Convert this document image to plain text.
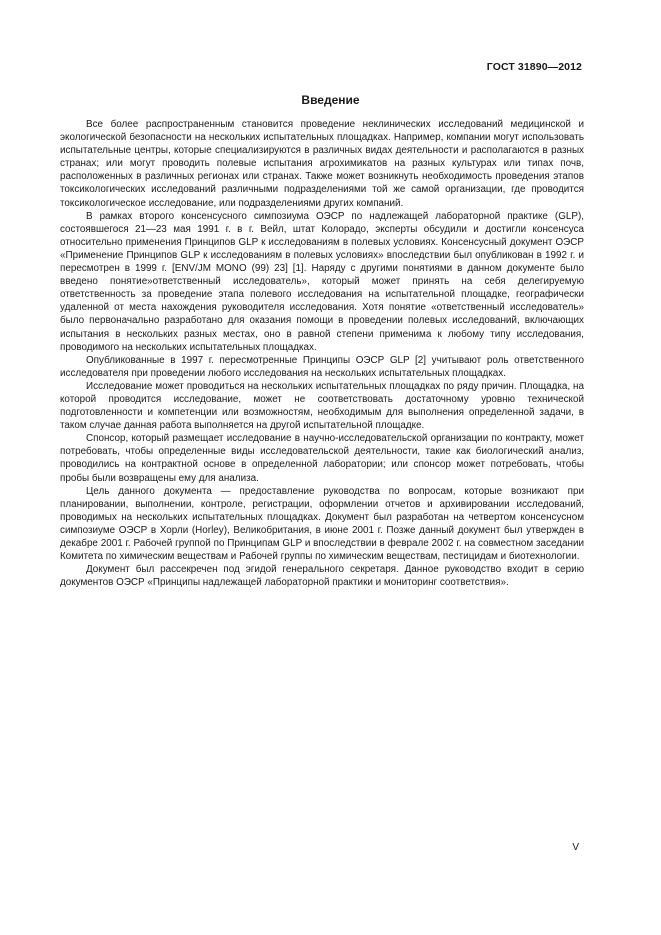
ГОСТ 31890—2012
Введение

Все более распространенным становится проведение неклинических исследований медицинской и экологической безопасности на нескольких испытательных площадках. Например, компании могут использовать испытательные центры, которые специализируются в различных видах деятельности и располагаются в разных странах; или могут проводить полевые испытания агрохимикатов на разных культурах или типах почв, расположенных в различных регионах или странах. Также может возникнуть необходимость проведения этапов токсикологических исследований различными подразделениями той же самой организации, где проводится токсикологическое исследование, или подразделениями других компаний.

В рамках второго консенсусного симпозиума ОЭСР по надлежащей лабораторной практике (GLP), состоявшегося 21—23 мая 1991 г. в г. Вейл, штат Колорадо, эксперты обсудили и достигли консенсуса относительно применения Принципов GLP к исследованиям в полевых условиях. Консенсусный документ ОЭСР «Применение Принципов GLP к исследованиям в полевых условиях» впоследствии был опубликован в 1992 г. и пересмотрен в 1999 г. [ENV/JM MONO (99) 23] [1]. Наряду с другими понятиями в данном документе было введено понятие»ответственный исследователь», который может принять на себя делегируемую ответственность за проведение этапа полевого исследования на испытательной площадке, географически удаленной от места нахождения руководителя исследования. Хотя понятие «ответственный исследователь» было первоначально разработано для оказания помощи в проведении полевых исследований, включающих испытания в нескольких разных местах, оно в равной степени применима к любому типу исследования, проводимого на нескольких испытательных площадках.

Опубликованные в 1997 г. пересмотренные Принципы ОЭСР GLP [2] учитывают роль ответственного исследователя при проведении любого исследования на нескольких испытательных площадках.

Исследование может проводиться на нескольких испытательных площадках по ряду причин. Площадка, на которой проводится исследование, может не соответствовать достаточному уровню технической подготовленности и компетенции или возможностям, необходимым для выполнения определенной задачи, в таком случае данная работа выполняется на другой испытательной площадке.

Спонсор, который размещает исследование в научно-исследовательской организации по контракту, может потребовать, чтобы определенные виды исследовательской деятельности, такие как биологический анализ, проводились на контрактной основе в определенной лаборатории; или спонсор может потребовать, чтобы пробы были возвращены ему для анализа.

Цель данного документа — предоставление руководства по вопросам, которые возникают при планировании, выполнении, контроле, регистрации, оформлении отчетов и архивировании исследований, проводимых на нескольких испытательных площадках. Документ был разработан на четвертом консенсусном симпозиуме ОЭСР в Хорли (Horley), Великобритания, в июне 2001 г. Позже данный документ был утвержден в декабре 2001 г. Рабочей группой по Принципам GLP и впоследствии в феврале 2002 г. на совместном заседании Комитета по химическим веществам и Рабочей группы по химическим веществам, пестицидам и биотехнологии.

Документ был рассекречен под эгидой генерального секретаря. Данное руководство входит в серию документов ОЭСР «Принципы надлежащей лабораторной практики и мониторинг соответствия».

V
